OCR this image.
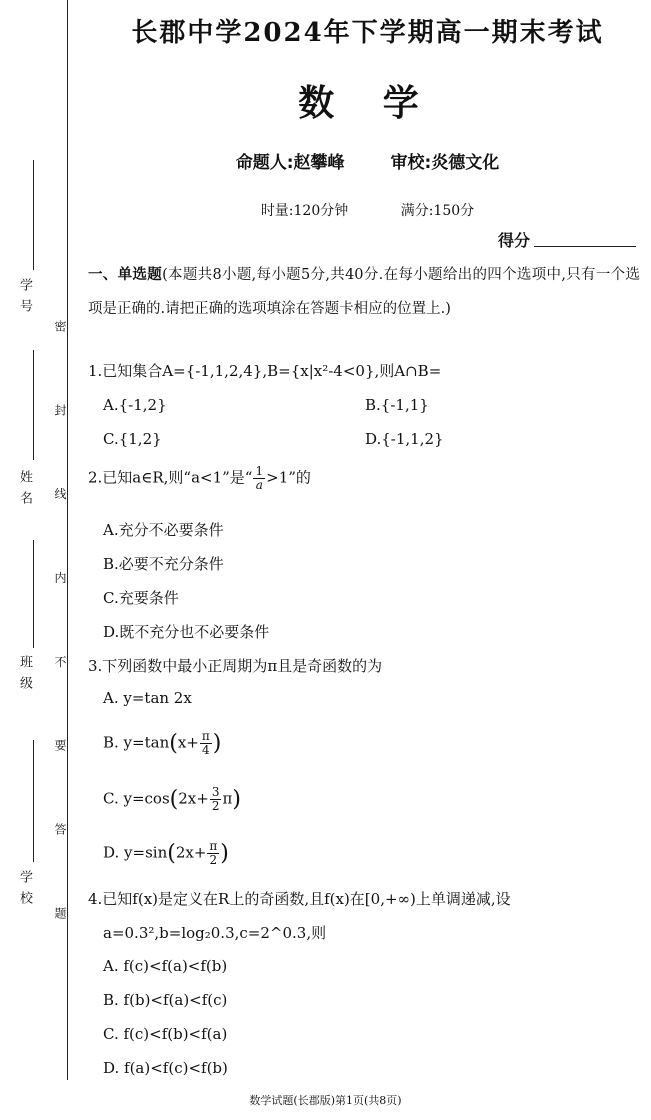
学 号
姓 名
班 级
学 校 密 封 线 内 不 要 答 题
长郡中学2024年下学期高一期末考试
数 学
命题人:赵攀峰	审校:炎德文化
时量:120分钟	满分:150分
得分
一、单选题(本题共8小题,每小题5分,共40分.在每小题给出的四个选项中,只有一个选项是正确的.请把正确的选项填涂在答题卡相应的位置上.)
1.已知集合A={-1,1,2,4},B={x|x²-4<0},则A∩B=
A.{-1,2}	B.{-1,1}
C.{1,2}	D.{-1,1,2}
2.已知a∈R,则“a<1”是“ $\frac{1}{a} >1$”的
A.充分不必要条件
B.必要不充分条件
C.充要条件
D.既不充分也不必要条件
3.下列函数中最小正周期为π且是奇函数的为
A. y=tan 2x
B. $y=\tan(x+ \frac{\pi}{4}$ )
C. $y=\cos(2x+ \frac{3}{2} \pi)$
D. $y=\sin(2x+ \frac{\pi}{2}$ )
4.已知f(x)是定义在R上的奇函数,且f(x)在[0,+∞)上单调递减,设
a=0.3²,b=log₂0.3,c=2^0.3,则
A. f(c)<f(a)<f(b)
B. f(b)<f(a)<f(c)
C. f(c)<f(b)<f(a)
D. f(a)<f(c)<f(b)
数学试题(长郡版)第1页(共8页)
